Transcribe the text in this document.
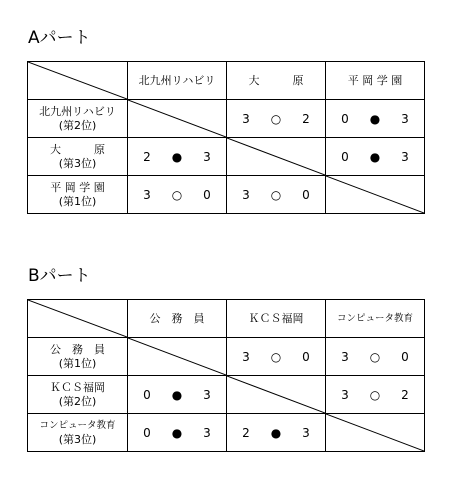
Aパート

北九州リハビリ	大　　　原	平 岡 学 園

北九州リハビリ
(第2位)		3 ○ 2	0 ● 3

大　　　原
(第3位)	2 ● 3		0 ● 3

平 岡 学 園
(第1位)	3 ○ 0	3 ○ 0

Bパート

公　務　員	ＫＣＳ福岡	コンピュータ教育

公　務　員
(第1位)		3 ○ 0	3 ○ 0

ＫＣＳ福岡
(第2位)	0 ● 3		3 ○ 2

コンピュータ教育
(第3位)	0 ● 3	2 ● 3
